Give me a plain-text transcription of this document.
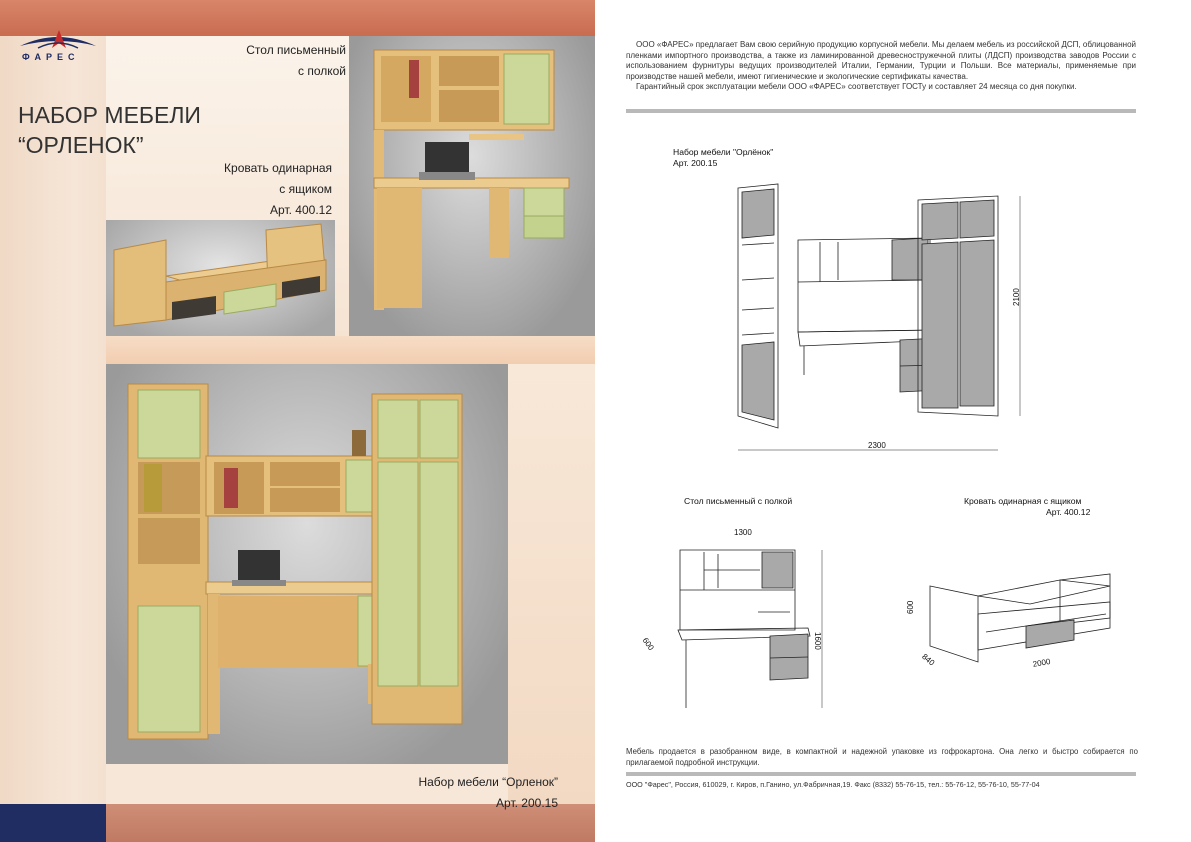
ФАРЕС

НАБОР МЕБЕЛИ
“ОРЛЕНОК”
Стол письменный
с полкой
Кровать одинарная
с ящиком
Арт. 400.12
Набор мебели “Орленок”
Арт. 200.15

ООО «ФАРЕС» предлагает Вам свою серийную продукцию корпусной мебели. Мы делаем мебель из российской ДСП, облицованной пленками импортного производства, а также из ламинированной древесностружечной плиты (ЛДСП) производства заводов России с использованием фурнитуры ведущих производителей Италии, Германии, Турции и Польши. Все материалы, применяемые при производстве нашей мебели, имеют гигиенические и экологические сертификаты качества.

Гарантийный срок эксплуатации мебели ООО «ФАРЕС» соответствует ГОСТу и составляет 24 месяца со дня покупки.

Набор мебели "Орлёнок"
Арт. 200.15
2300
2100
Стол письменный с полкой
1300
1600
600
Кровать одинарная с ящиком
Арт. 400.12
600
840	2000
Мебель продается в разобранном виде, в компактной и надежной упаковке из гофрокартона. Она легко и быстро собирается по прилагаемой подробной инструкции.
ООО "Фарес", Россия, 610029, г. Киров, п.Ганино, ул.Фабричная,19. Факс (8332) 55-76-15, тел.: 55-76-12, 55-76-10, 55-77-04
